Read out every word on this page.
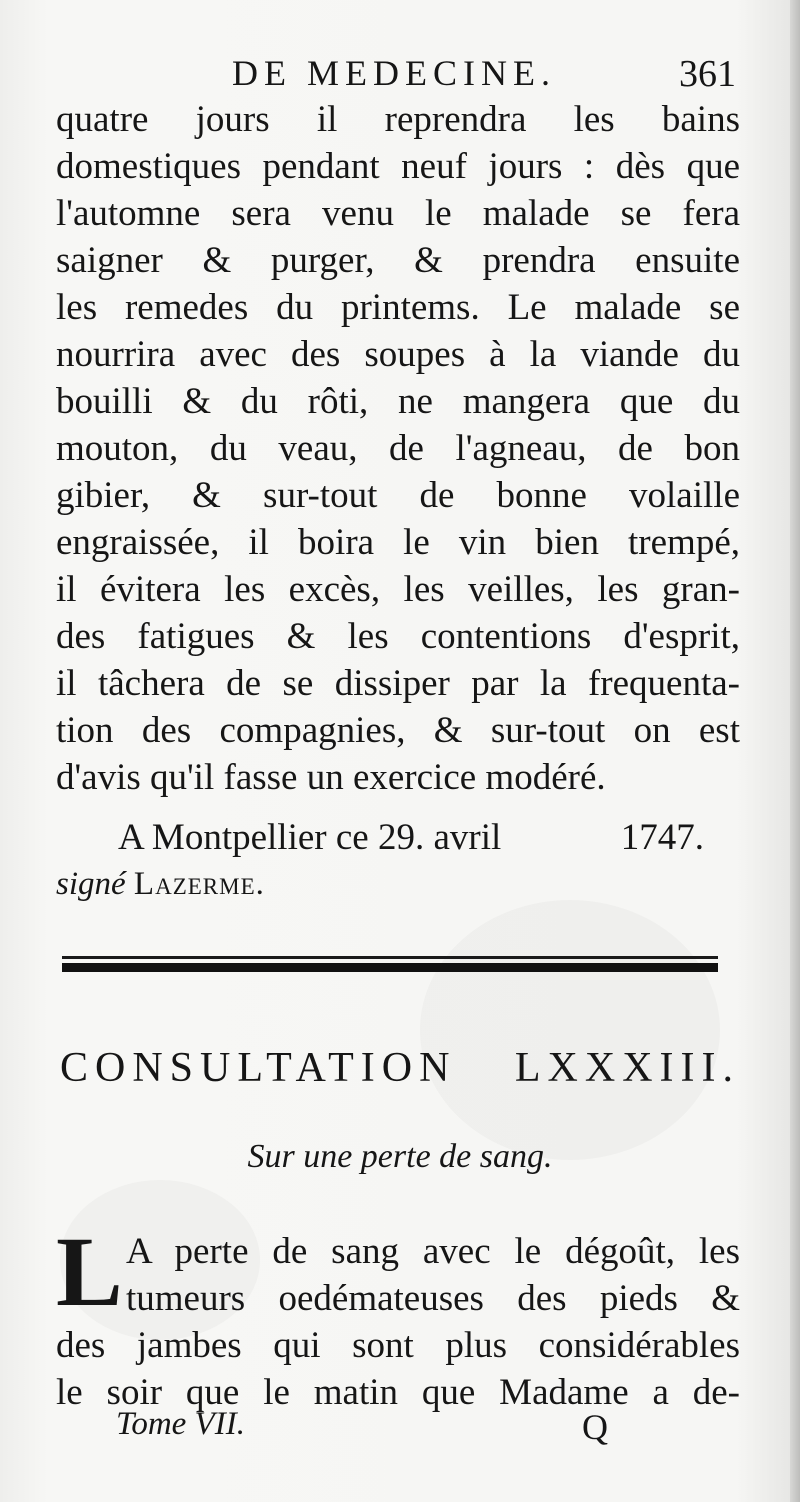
DE MEDECINE.	361
quatre jours il reprendra les bains
domestiques pendant neuf jours : dès que
l'automne sera venu le malade se fera
saigner & purger, & prendra ensuite
les remedes du printems. Le malade se
nourrira avec des soupes à la viande du
bouilli & du rôti, ne mangera que du
mouton, du veau, de l'agneau, de bon
gibier, & sur-tout de bonne volaille
engraissée, il boira le vin bien trempé,
il évitera les excès, les veilles, les gran-
des fatigues & les contentions d'esprit,
il tâchera de se dissiper par la frequenta-
tion des compagnies, & sur-tout on est
d'avis qu'il fasse un exercice modéré.
A Montpellier ce 29. avril	1747.
signé Lazerme.
CONSULTATION LXXXIII.
Sur une perte de sang.
L A perte de sang avec le dégoût, les
tumeurs oedémateuses des pieds &
des jambes qui sont plus considérables
le soir que le matin que Madame a de-
Tome VII.	Q
